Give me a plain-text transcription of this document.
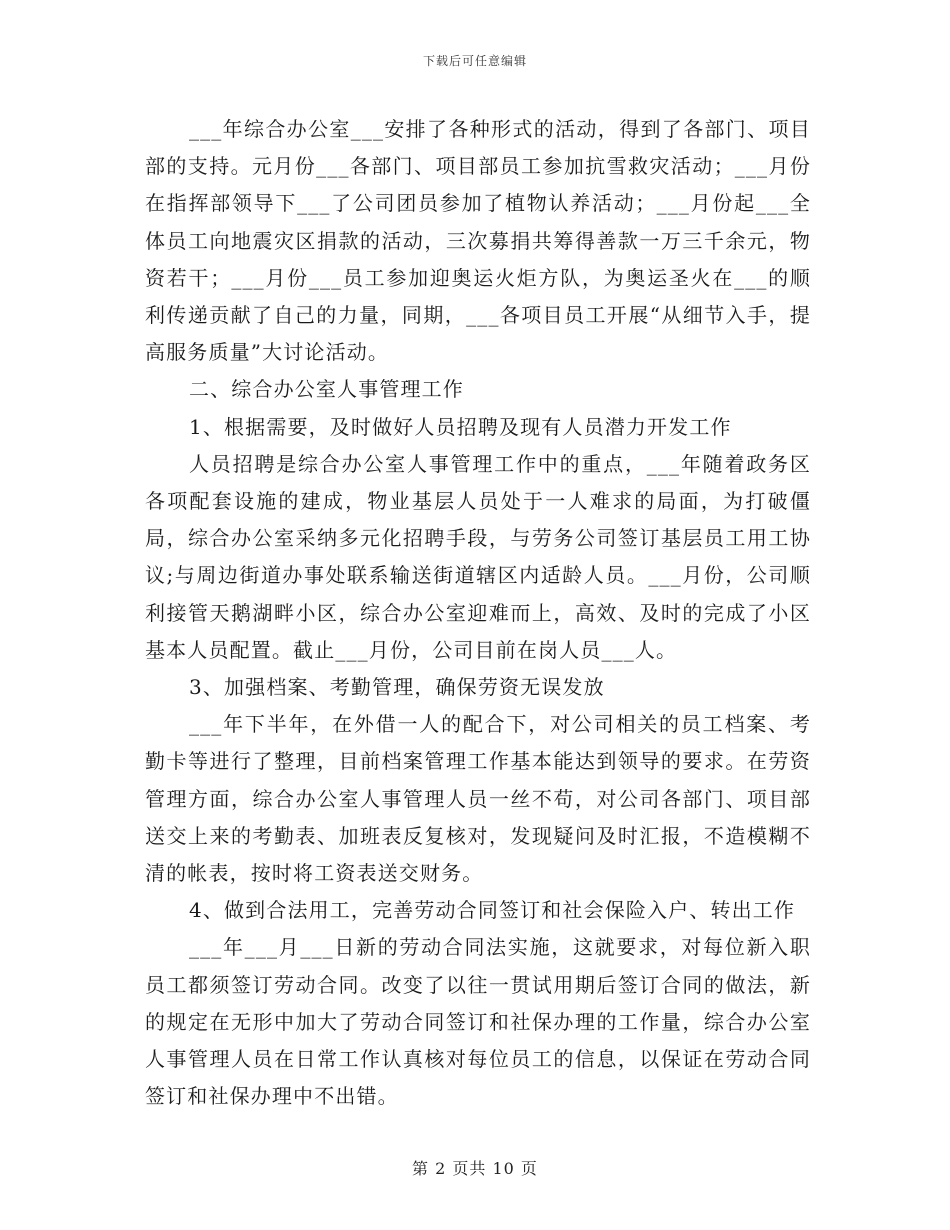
下载后可任意编辑

___年综合办公室___安排了各种形式的活动，得到了各部门、项目部的支持。元月份___各部门、项目部员工参加抗雪救灾活动；___月份在指挥部领导下___了公司团员参加了植物认养活动；___月份起___全体员工向地震灾区捐款的活动，三次募捐共筹得善款一万三千余元，物资若干；___月份___员工参加迎奥运火炬方队，为奥运圣火在___的顺利传递贡献了自己的力量，同期，___各项目员工开展“从细节入手，提高服务质量”大讨论活动。

二、综合办公室人事管理工作

1、根据需要，及时做好人员招聘及现有人员潜力开发工作

人员招聘是综合办公室人事管理工作中的重点，___年随着政务区各项配套设施的建成，物业基层人员处于一人难求的局面，为打破僵局，综合办公室采纳多元化招聘手段，与劳务公司签订基层员工用工协议;与周边街道办事处联系输送街道辖区内适龄人员。___月份，公司顺利接管天鹅湖畔小区，综合办公室迎难而上，高效、及时的完成了小区基本人员配置。截止___月份，公司目前在岗人员___人。

3、加强档案、考勤管理，确保劳资无误发放

___年下半年，在外借一人的配合下，对公司相关的员工档案、考勤卡等进行了整理，目前档案管理工作基本能达到领导的要求。在劳资管理方面，综合办公室人事管理人员一丝不苟，对公司各部门、项目部送交上来的考勤表、加班表反复核对，发现疑问及时汇报，不造模糊不清的帐表，按时将工资表送交财务。

4、做到合法用工，完善劳动合同签订和社会保险入户、转出工作

___年___月___日新的劳动合同法实施，这就要求，对每位新入职员工都须签订劳动合同。改变了以往一贯试用期后签订合同的做法，新的规定在无形中加大了劳动合同签订和社保办理的工作量，综合办公室人事管理人员在日常工作认真核对每位员工的信息，以保证在劳动合同签订和社保办理中不出错。

第 2 页共 10 页
